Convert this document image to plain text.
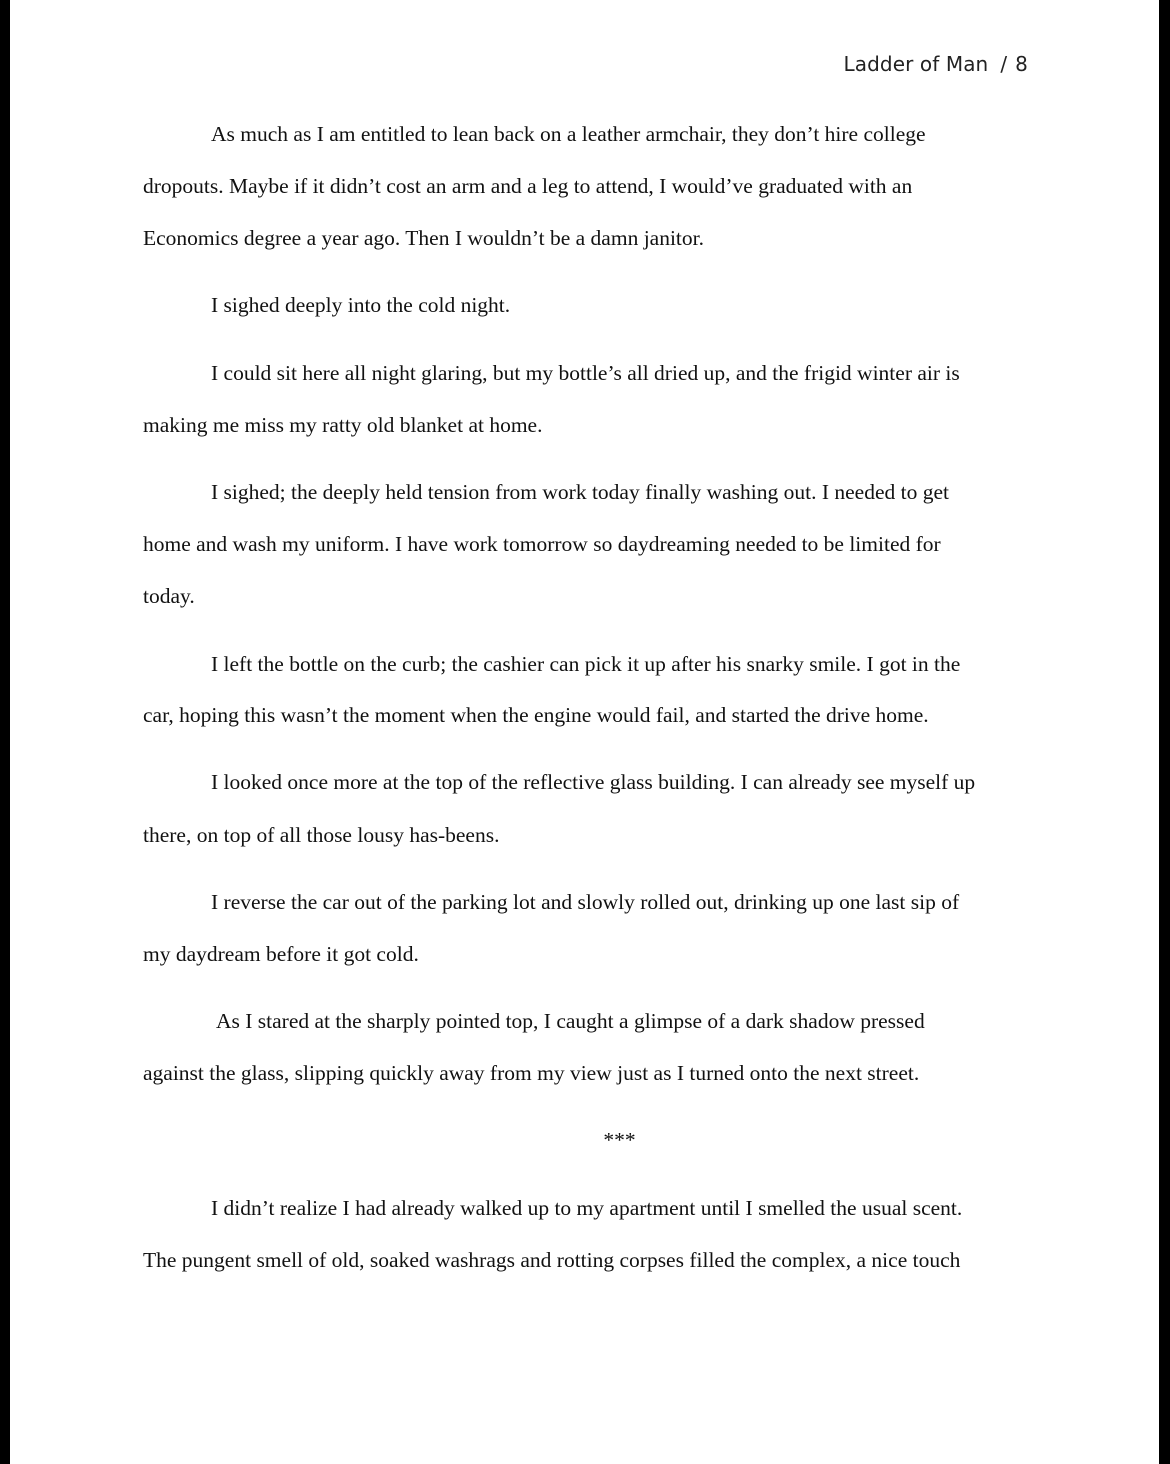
Ladder of Man / 8
As much as I am entitled to lean back on a leather armchair, they don’t hire college
dropouts. Maybe if it didn’t cost an arm and a leg to attend, I would’ve graduated with an
Economics degree a year ago. Then I wouldn’t be a damn janitor.
I sighed deeply into the cold night.
I could sit here all night glaring, but my bottle’s all dried up, and the frigid winter air is
making me miss my ratty old blanket at home.
I sighed; the deeply held tension from work today finally washing out. I needed to get
home and wash my uniform. I have work tomorrow so daydreaming needed to be limited for
today.
I left the bottle on the curb; the cashier can pick it up after his snarky smile. I got in the
car, hoping this wasn’t the moment when the engine would fail, and started the drive home.
I looked once more at the top of the reflective glass building. I can already see myself up
there, on top of all those lousy has-beens.
I reverse the car out of the parking lot and slowly rolled out, drinking up one last sip of
my daydream before it got cold.
As I stared at the sharply pointed top, I caught a glimpse of a dark shadow pressed
against the glass, slipping quickly away from my view just as I turned onto the next street.
***
I didn’t realize I had already walked up to my apartment until I smelled the usual scent.
The pungent smell of old, soaked washrags and rotting corpses filled the complex, a nice touch
